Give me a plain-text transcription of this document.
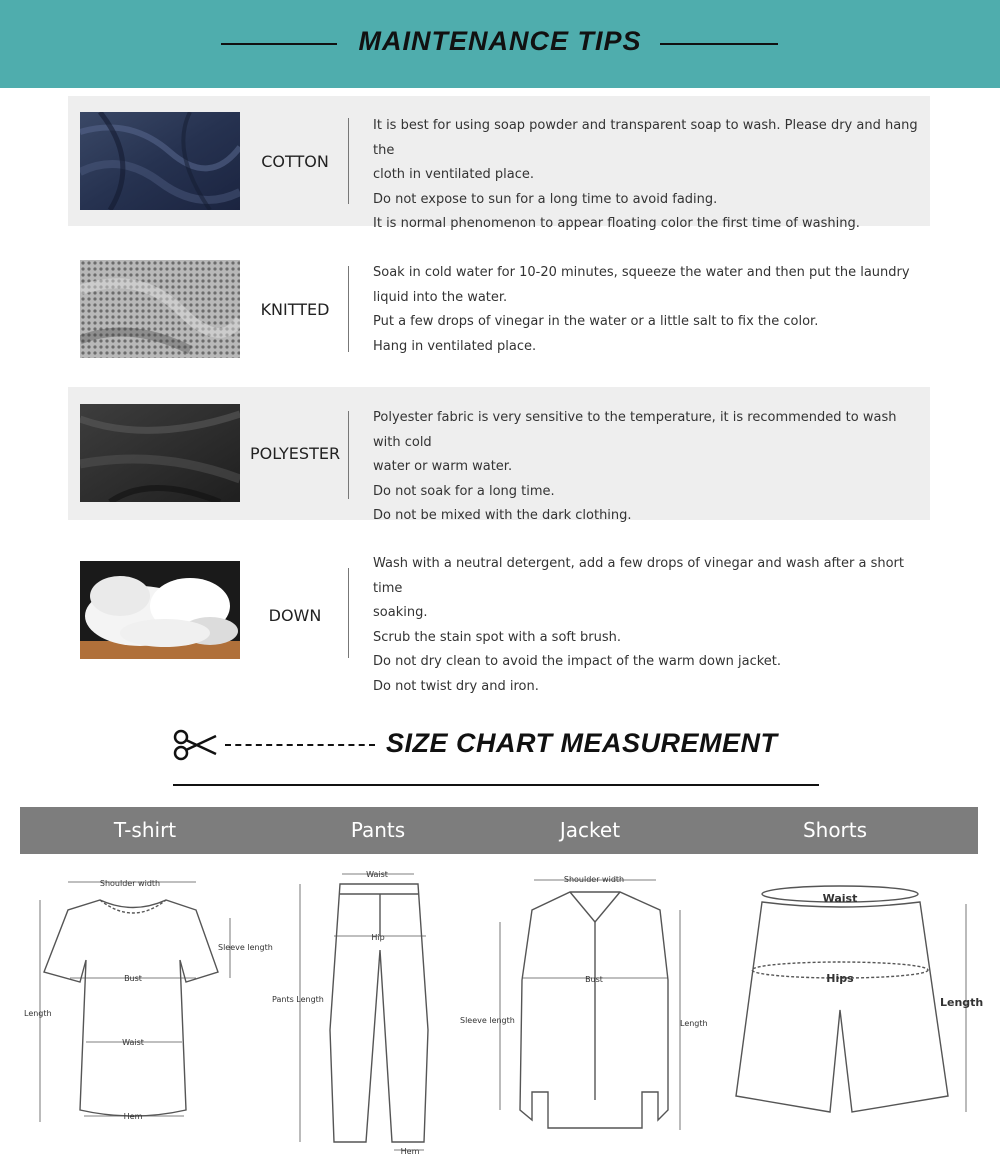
MAINTENANCE TIPS
COTTON
It is best for using soap powder and transparent soap to wash. Please dry and hang the
cloth in ventilated place.
Do not expose to sun for a long time to avoid fading.
It is normal phenomenon to appear floating color the first time of washing.
KNITTED
Soak in cold water for 10-20 minutes, squeeze the water and then put the laundry
liquid into the water.
Put a few drops of vinegar in the water or a little salt to fix the color.
Hang in ventilated place.
POLYESTER
Polyester fabric is very sensitive to the temperature, it is recommended to wash with cold
water or warm water.
Do not soak for a long time.
Do not be mixed with the dark clothing.
DOWN
Wash with a neutral detergent, add a few drops of vinegar and wash after a short time
soaking.
Scrub the stain spot with a soft brush.
Do not dry clean to avoid the impact of the warm down jacket.
Do not twist dry and iron.
SIZE CHART MEASUREMENT
T-shirt	Pants	Jacket	Shorts
Shoulder width
Sleeve length
Bust
Length
Waist
Hem
Waist
Hip
Pants Length
Hem
Shoulder width
Bust
Sleeve length	Length
Waist
Hips
Length
